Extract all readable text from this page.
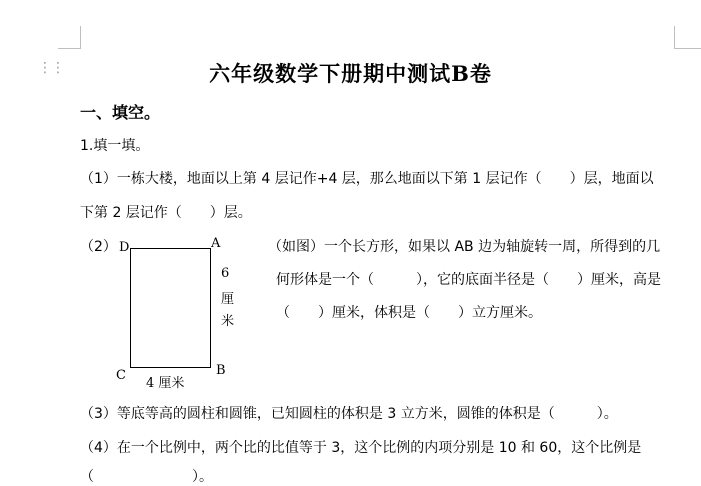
⋮⋮	六年级数学下册期中测试B卷
一、填空。
1.填一填。
（1）一栋大楼，地面以上第 4 层记作+4 层，那么地面以下第 1 层记作（　　）层，地面以
下第 2 层记作（　　）层。
（2）	（如图）一个长方形，如果以 AB 边为轴旋转一周，所得到的几
何形体是一个（　　　），它的底面半径是（　　）厘米，高是
（　　）厘米，体积是（　　）立方厘米。
D	A
B
C
6
厘
米
4 厘米
（3）等底等高的圆柱和圆锥，已知圆柱的体积是 3 立方米，圆锥的体积是（　　　）。
（4）在一个比例中，两个比的比值等于 3，这个比例的内项分别是 10 和 60，这个比例是
（　　　　　　　）。
